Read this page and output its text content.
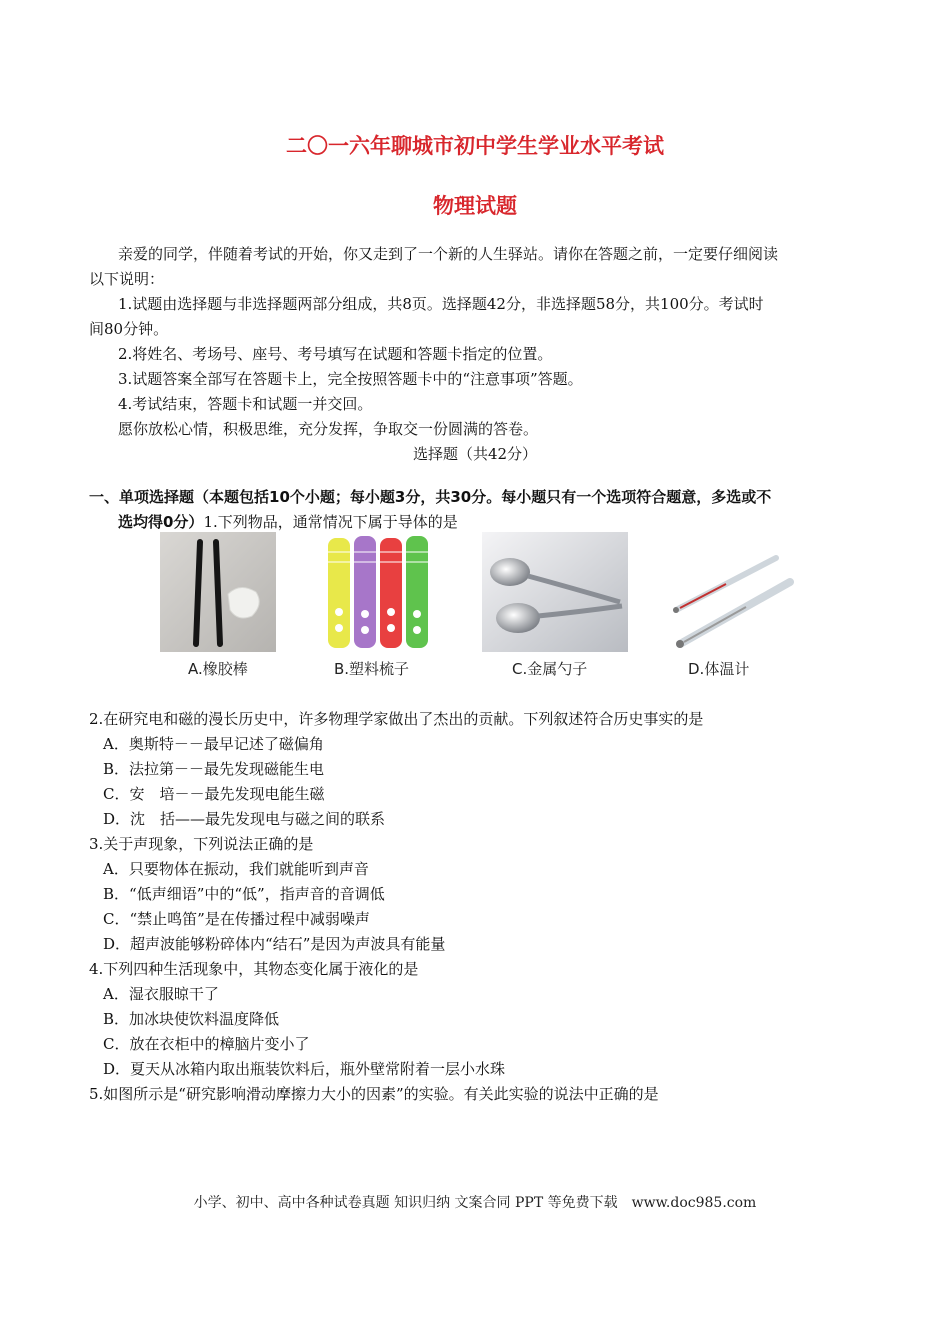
二〇一六年聊城市初中学生学业水平考试
物理试题
亲爱的同学，伴随着考试的开始，你又走到了一个新的人生驿站。请你在答题之前，一定要仔细阅读
以下说明：
1.试题由选择题与非选择题两部分组成，共8页。选择题42分，非选择题58分，共100分。考试时
间80分钟。
2.将姓名、考场号、座号、考号填写在试题和答题卡指定的位置。
3.试题答案全部写在答题卡上，完全按照答题卡中的“注意事项”答题。
4.考试结束，答题卡和试题一并交回。
愿你放松心情，积极思维，充分发挥，争取交一份圆满的答卷。
选择题（共42分）
一、单项选择题（本题包括10个小题；每小题3分，共30分。每小题只有一个选项符合题意，多选或不
选均得0分）1.下列物品，通常情况下属于导体的是
A.橡胶棒	B.塑料梳子	C.金属勺子	D.体温计
2.在研究电和磁的漫长历史中，许多物理学家做出了杰出的贡献。下列叙述符合历史事实的是
A．奥斯特－－最早记述了磁偏角
B．法拉第－－最先发现磁能生电
C．安　培－－最先发现电能生磁
D．沈　括——最先发现电与磁之间的联系
3.关于声现象，下列说法正确的是
A．只要物体在振动，我们就能听到声音
B．“低声细语”中的“低”，指声音的音调低
C．“禁止鸣笛”是在传播过程中减弱噪声
D．超声波能够粉碎体内“结石”是因为声波具有能量
4.下列四种生活现象中，其物态变化属于液化的是
A．湿衣服晾干了
B．加冰块使饮料温度降低
C．放在衣柜中的樟脑片变小了
D．夏天从冰箱内取出瓶装饮料后，瓶外壁常附着一层小水珠
5.如图所示是“研究影响滑动摩擦力大小的因素”的实验。有关此实验的说法中正确的是
小学、初中、高中各种试卷真题 知识归纳 文案合同 PPT 等免费下载　www.doc985.com
